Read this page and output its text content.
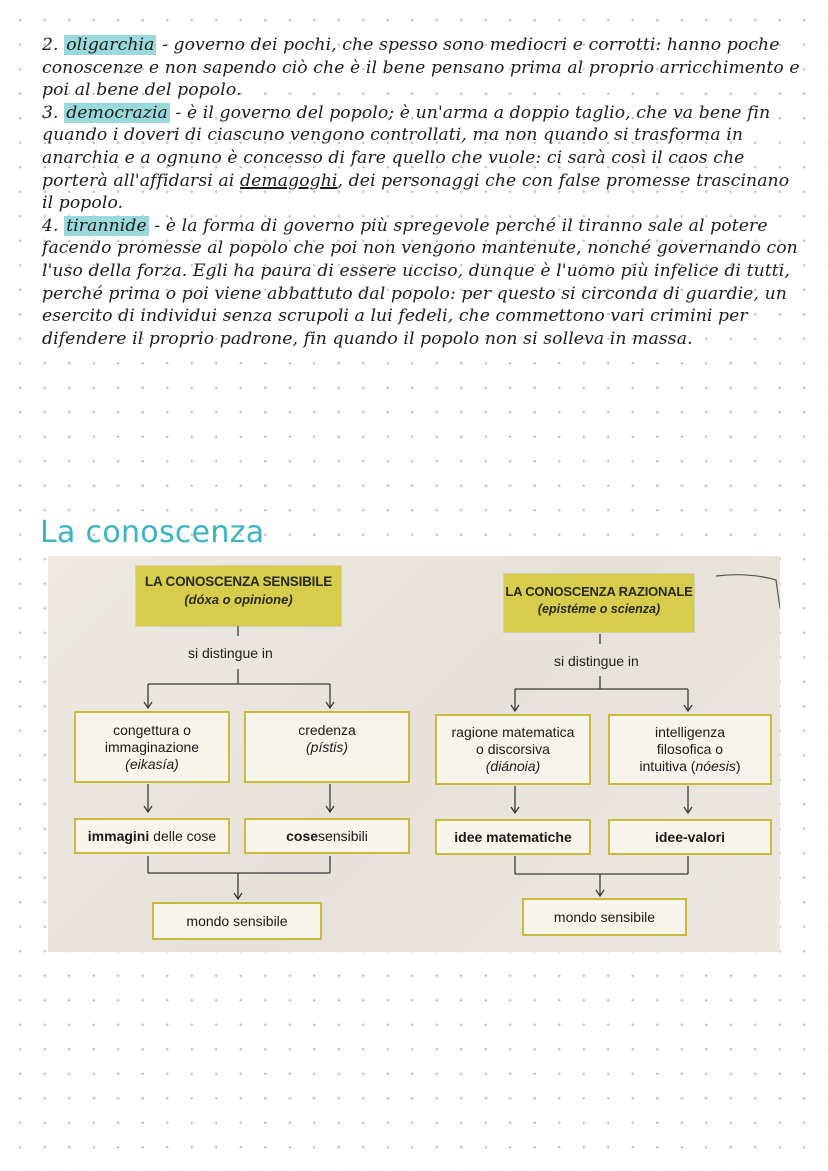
2. oligarchia - governo dei pochi, che spesso sono mediocri e corrotti: hanno poche conoscenze e non sapendo ciò che è il bene pensano prima al proprio arricchimento e poi al bene del popolo.

3. democrazia - è il governo del popolo; è un'arma a doppio taglio, che va bene fin quando i doveri di ciascuno vengono controllati, ma non quando si trasforma in anarchia e a ognuno è concesso di fare quello che vuole: ci sarà così il caos che porterà all'affidarsi ai demagoghi, dei personaggi che con false promesse trascinano il popolo.

4. tirannide - è la forma di governo più spregevole perché il tiranno sale al potere facendo promesse al popolo che poi non vengono mantenute, nonché governando con l'uso della forza. Egli ha paura di essere ucciso, dunque è l'uomo più infelice di tutti, perché prima o poi viene abbattuto dal popolo: per questo si circonda di guardie, un esercito di individui senza scrupoli a lui fedeli, che commettono vari crimini per difendere il proprio padrone, fin quando il popolo non si solleva in massa.

La conoscenza
LA CONOSCENZA SENSIBILE
(dóxa o opinione)
si distingue in
congettura o
immaginazione
(eikasía)
credenza
(pístis)
immagini delle cose	cosesensibili
mondo sensibile
LA CONOSCENZA RAZIONALE
(epistéme o scienza)
si distingue in
ragione matematica
o discorsiva
(diánoia)
intelligenza
filosofica o
intuitiva (nóesis)
idee matematiche	idee-valori
mondo sensibile
